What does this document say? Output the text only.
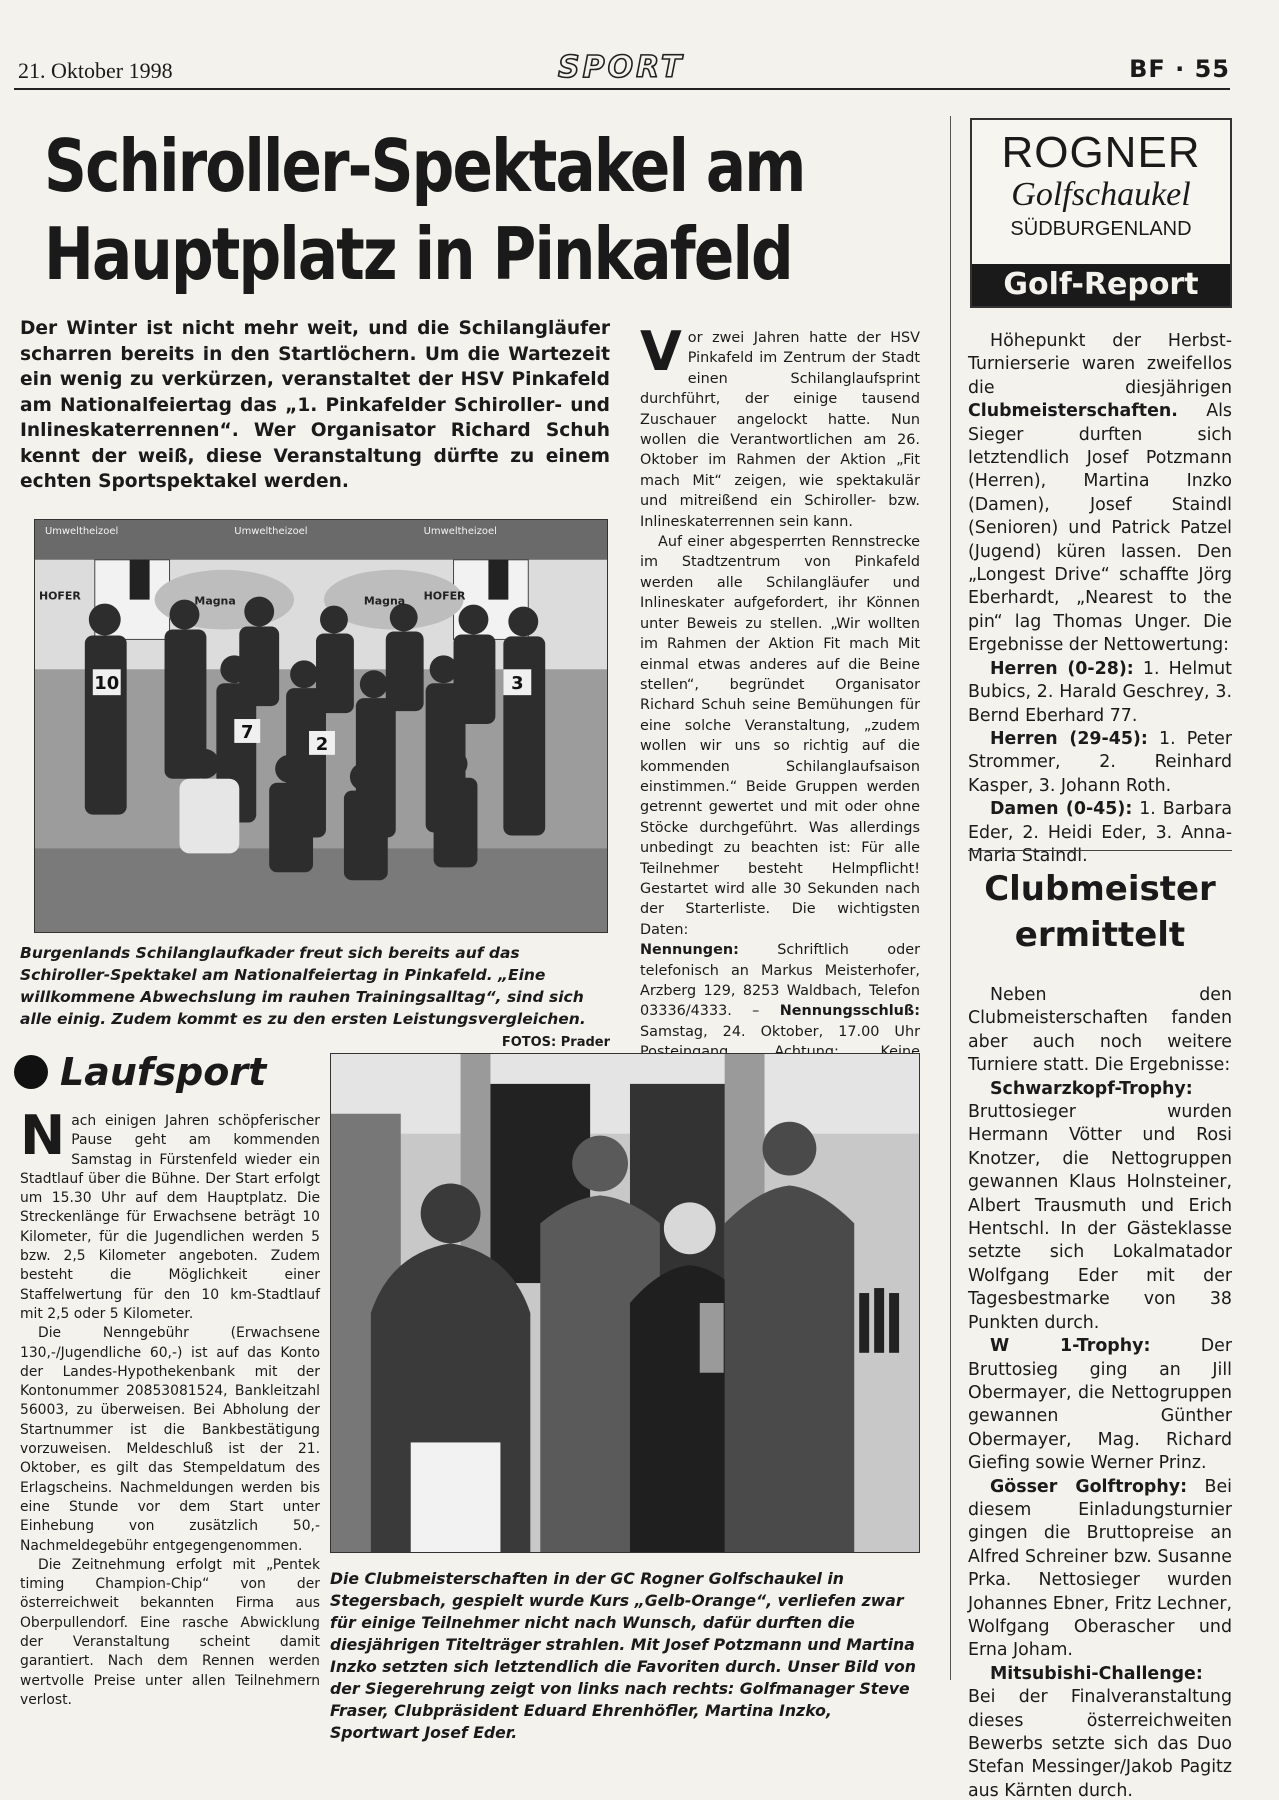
21. Oktober 1998	SPORT	BF · 55
Schiroller-Spektakel am
Hauptplatz in Pinkafeld
Der Winter ist nicht mehr weit, und die Schilangläufer scharren bereits in den Startlöchern. Um die Wartezeit ein wenig zu verkürzen, veranstaltet der HSV Pinkafeld am Nationalfeiertag das „1. Pinkafelder Schiroller- und Inlineskaterrennen“. Wer Organisator Richard Schuh kennt der weiß, diese Veranstaltung dürfte zu einem echten Sportspektakel werden.
10
7
2
3
Umweltheizoel	Umweltheizoel	Umweltheizoel
HOFER	HOFER
Magna	Magna
Burgenlands Schilanglaufkader freut sich bereits auf das Schiroller-Spektakel am Nationalfeiertag in Pinkafeld. „Eine willkommene Abwechslung im rauhen Trainingsalltag“, sind sich alle einig. Zudem kommt es zu den ersten Leistungsvergleichen.
FOTOS: Prader
V or zwei Jahren hatte der HSV Pinkafeld im Zentrum der Stadt einen Schilanglaufsprint durchführt, der einige tausend Zuschauer angelockt hatte. Nun wollen die Verantwortlichen am 26. Oktober im Rahmen der Aktion „Fit mach Mit“ zeigen, wie spektakulär und mitreißend ein Schiroller- bzw. Inlineskaterrennen sein kann.

Auf einer abgesperrten Rennstrecke im Stadtzentrum von Pinkafeld werden alle Schilangläufer und Inlineskater aufgefordert, ihr Können unter Beweis zu stellen. „Wir wollten im Rahmen der Aktion Fit mach Mit einmal etwas anderes auf die Beine stellen“, begründet Organisator Richard Schuh seine Bemühungen für eine solche Veranstaltung, „zudem wollen wir uns so richtig auf die kommenden Schilanglaufsaison einstimmen.“ Beide Gruppen werden getrennt gewertet und mit oder ohne Stöcke durchgeführt. Was allerdings unbedingt zu beachten ist: Für alle Teilnehmer besteht Helmpflicht! Gestartet wird alle 30 Sekunden nach der Starterliste. Die wichtigsten Daten:

Nennungen:	Schriftlich oder telefonisch an Markus Meisterhofer, Arzberg 129, 8253 Waldbach, Telefon 03336/4333. – Nennungsschluß: Samstag, 24. Oktober, 17.00 Uhr
Laufsport
N ach einigen Jahren schöpferischer Pause geht am kommenden Samstag in Fürstenfeld wieder ein Stadtlauf über die Bühne. Der Start erfolgt um 15.30 Uhr auf dem Hauptplatz. Die Streckenlänge für Erwachsene beträgt 10 Kilometer, für die Jugendlichen werden 5 bzw. 2,5 Kilometer angeboten. Zudem besteht die Möglichkeit einer Staffelwertung für den 10 km-Stadtlauf mit 2,5 oder 5 Kilometer.

Die Nenngebühr (Erwachsene 130,-/Jugendliche 60,-) ist auf das Konto der Landes-Hypothekenbank mit der Kontonummer 20853081524, Bankleitzahl 56003, zu überweisen. Bei Abholung der Startnummer ist die Bankbestätigung vorzuweisen. Meldeschluß ist der 21. Oktober, es gilt das Stempeldatum des Erlagscheins. Nachmeldungen werden bis eine Stunde vor dem Start unter Einhebung von zusätzlich 50,- Nachmeldegebühr entgegengenommen.

Die Zeitnehmung erfolgt mit „Pentek timing Champion-Chip“ von der österreichweit bekannten Firma aus Oberpullendorf. Eine rasche Abwicklung der Veranstaltung scheint damit garantiert. Nach dem Rennen werden wertvolle Preise unter allen Teilnehmern verlost.

Die Clubmeisterschaften in der GC Rogner Golfschaukel in Stegersbach, gespielt wurde Kurs „Gelb-Orange“, verliefen zwar für einige Teilnehmer nicht nach Wunsch, dafür durften die diesjährigen Titelträger strahlen. Mit Josef Potzmann und Martina Inzko setzten sich letztendlich die Favoriten durch. Unser Bild von der Siegerehrung zeigt von links nach rechts: Golfmanager Steve Fraser, Clubpräsident Eduard Ehrenhöfler, Martina Inzko, Sportwart Josef Eder.
ROGNER
Golfschaukel
SÜDBURGENLAND
Golf-Report

Höhepunkt der Herbst-Turnierserie waren zweifellos die diesjährigen Clubmeisterschaften. Als Sieger durften sich letztendlich Josef Potzmann (Herren), Martina Inzko (Damen), Josef Staindl (Senioren) und Patrick Patzel (Jugend) küren lassen. Den „Longest Drive“ schaffte Jörg Eberhardt, „Nearest to the pin“ lag Thomas Unger. Die Ergebnisse der Nettowertung:

Herren (0-28): 1. Helmut Bubics, 2. Harald Geschrey, 3. Bernd Eberhard 77.
Herren (29-45): 1. Peter Strommer, 2. Reinhard Kasper, 3. Johann Roth.
Damen (0-45): 1. Barbara Eder, 2. Heidi Eder, 3. Anna-Maria Staindl.
Clubmeister ermittelt

Neben den Clubmeisterschaften fanden aber auch noch weitere Turniere statt. Die Ergebnisse:

Schwarzkopf-Trophy: Bruttosieger wurden Hermann Vötter und Rosi Knotzer, die Nettogruppen gewannen Klaus Holnsteiner, Albert Trausmuth und Erich Hentschl. In der Gästeklasse setzte sich Lokalmatador Wolfgang Eder mit der Tagesbestmarke von 38 Punkten durch.

W 1-Trophy:	Der Bruttosieg ging an Jill Obermayer, die Nettogruppen gewannen Günther Obermayer, Mag. Richard Giefing sowie Werner Prinz.

Gösser Golftrophy: Bei diesem Einladungsturnier gingen die Bruttopreise an Alfred Schreiner bzw. Susanne Prka. Nettosieger wurden Johannes Ebner, Fritz Lechner, Wolfgang Oberascher und Erna Joham.

Mitsubishi-Challenge: Bei der Finalveranstaltung dieses österreichweiten Bewerbs setzte sich das Duo Stefan Messinger/Jakob Pagitz aus Kärnten durch.
